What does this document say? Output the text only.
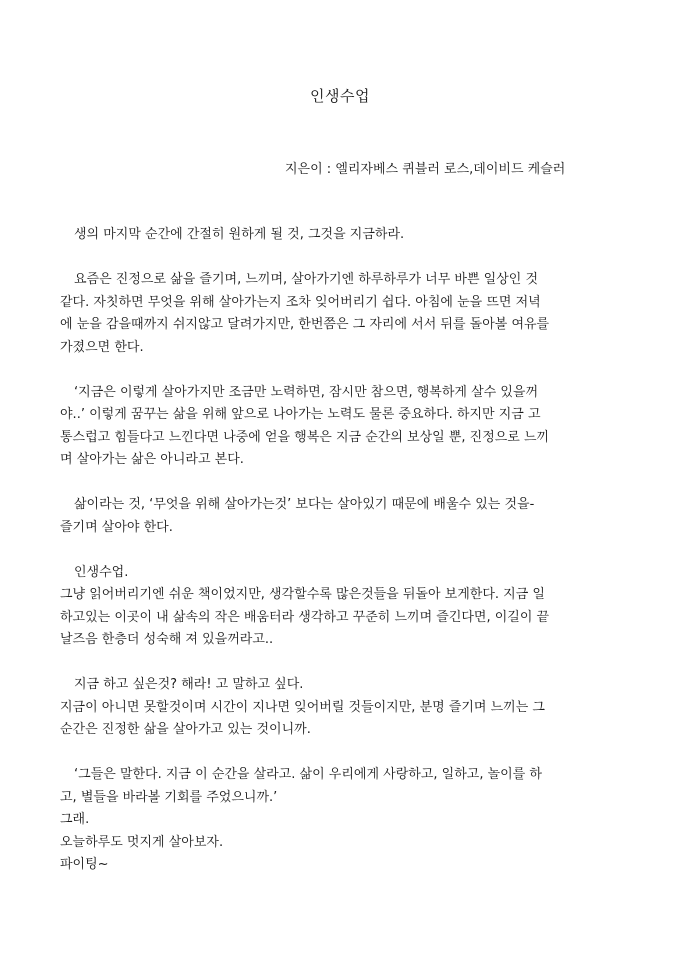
인생수업
지은이 : 엘리자베스 퀴블러 로스,데이비드 케슬러
생의 마지막 순간에 간절히 원하게 될 것, 그것을 지금하라.
요즘은 진정으로 삶을 즐기며, 느끼며, 살아가기엔 하루하루가 너무 바쁜 일상인 것
같다. 자칫하면 무엇을 위해 살아가는지 조차 잊어버리기 쉽다. 아침에 눈을 뜨면 저녁
에 눈을 감을때까지 쉬지않고 달려가지만, 한번쯤은 그 자리에 서서 뒤를 돌아볼 여유를
가졌으면 한다.
‘지금은 이렇게 살아가지만 조금만 노력하면, 잠시만 참으면, 행복하게 살수 있을꺼
야..’ 이렇게 꿈꾸는 삶을 위해 앞으로 나아가는 노력도 물론 중요하다. 하지만 지금 고
통스럽고 힘들다고 느낀다면 나중에 얻을 행복은 지금 순간의 보상일 뿐, 진정으로 느끼
며 살아가는 삶은 아니라고 본다.
삶이라는 것, ‘무엇을 위해 살아가는것’ 보다는 살아있기 때문에 배울수 있는 것을-
즐기며 살아야 한다.
인생수업.
그냥 읽어버리기엔 쉬운 책이었지만, 생각할수록 많은것들을 뒤돌아 보게한다. 지금 일
하고있는 이곳이 내 삶속의 작은 배움터라 생각하고 꾸준히 느끼며 즐긴다면, 이길이 끝
날즈음 한층더 성숙해 져 있을꺼라고..
지금 하고 싶은것? 해라! 고 말하고 싶다.
지금이 아니면 못할것이며 시간이 지나면 잊어버릴 것들이지만, 분명 즐기며 느끼는 그
순간은 진정한 삶을 살아가고 있는 것이니까.
‘그들은 말한다. 지금 이 순간을 살라고. 삶이 우리에게 사랑하고, 일하고, 놀이를 하
고, 별들을 바라볼 기회를 주었으니까.’
그래.
오늘하루도 멋지게 살아보자.
파이팅~
